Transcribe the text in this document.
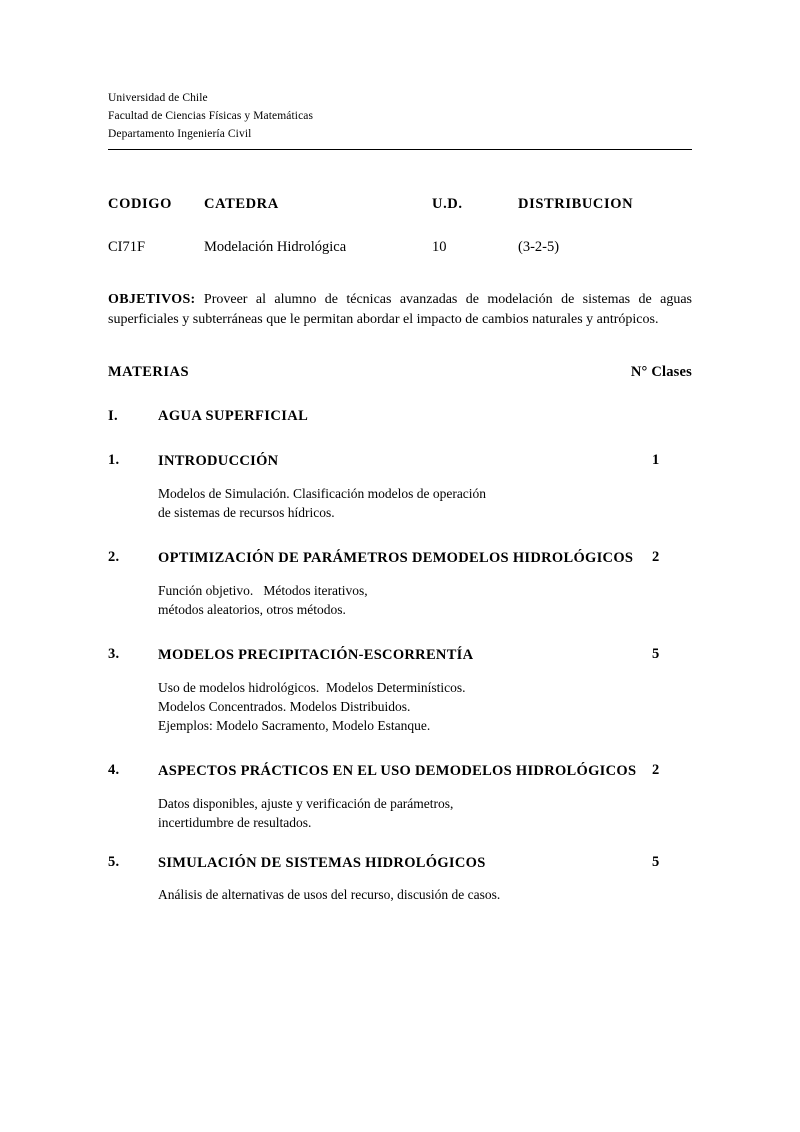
Universidad de Chile
Facultad de Ciencias Físicas y Matemáticas
Departamento Ingeniería Civil
CODIGO	CATEDRA	U.D.	DISTRIBUCION
CI71F	Modelación Hidrológica	10	(3-2-5)

OBJETIVOS: Proveer al alumno de técnicas avanzadas de modelación de sistemas de aguas superficiales y subterráneas que le permitan abordar el impacto de cambios naturales y antrópicos.

MATERIAS	N° Clases
I.	AGUA SUPERFICIAL
1.	INTRODUCCIÓN	1
Modelos de Simulación. Clasificación modelos de operación
de sistemas de recursos hídricos.
2.	OPTIMIZACIÓN DE PARÁMETROS DEMODELOS HIDROLÓGICOS	2
Función objetivo.   Métodos iterativos,
métodos aleatorios, otros métodos.
3.	MODELOS PRECIPITACIÓN-ESCORRENTÍA	5
Uso de modelos hidrológicos.  Modelos Determinísticos.
Modelos Concentrados. Modelos Distribuidos.
Ejemplos: Modelo Sacramento, Modelo Estanque.
4.	ASPECTOS PRÁCTICOS EN EL USO DEMODELOS HIDROLÓGICOS	2
Datos disponibles, ajuste y verificación de parámetros,
incertidumbre de resultados.
5.	SIMULACIÓN DE SISTEMAS HIDROLÓGICOS	5
Análisis de alternativas de usos del recurso, discusión de casos.
